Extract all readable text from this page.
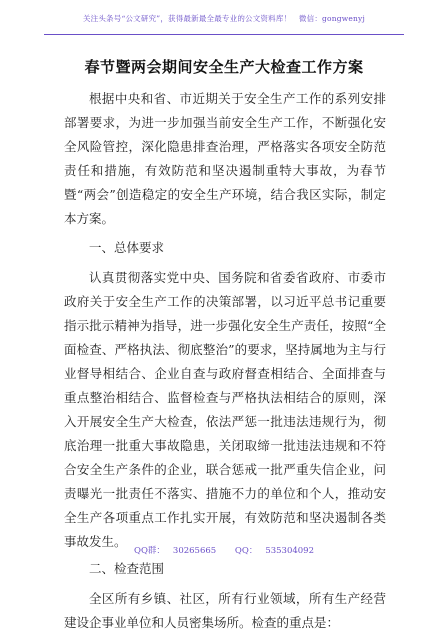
关注头条号“公文研究”，获得最新最全最专业的公文资料库！　微信：gongwenyj
春节暨两会期间安全生产大检查工作方案

根据中央和省、市近期关于安全生产工作的系列安排部署要求，为进一步加强当前安全生产工作，不断强化安全风险管控，深化隐患排查治理，严格落实各项安全防范责任和措施，有效防范和坚决遏制重特大事故，为春节暨“两会”创造稳定的安全生产环境，结合我区实际，制定本方案。

一、总体要求

认真贯彻落实党中央、国务院和省委省政府、市委市政府关于安全生产工作的决策部署，以习近平总书记重要指示批示精神为指导，进一步强化安全生产责任，按照“全面检查、严格执法、彻底整治”的要求，坚持属地为主与行业督导相结合、企业自查与政府督查相结合、全面排查与重点整治相结合、监督检查与严格执法相结合的原则，深入开展安全生产大检查，依法严惩一批违法违规行为，彻底治理一批重大事故隐患，关闭取缔一批违法违规和不符合安全生产条件的企业，联合惩戒一批严重失信企业，问责曝光一批责任不落实、措施不力的单位和个人，推动安全生产各项重点工作扎实开展，有效防范和坚决遏制各类事故发生。

二、检查范围

全区所有乡镇、社区，所有行业领域，所有生产经营建设企事业单位和人员密集场所。检查的重点是：

QQ群： 30265665 QQ： 535304092
